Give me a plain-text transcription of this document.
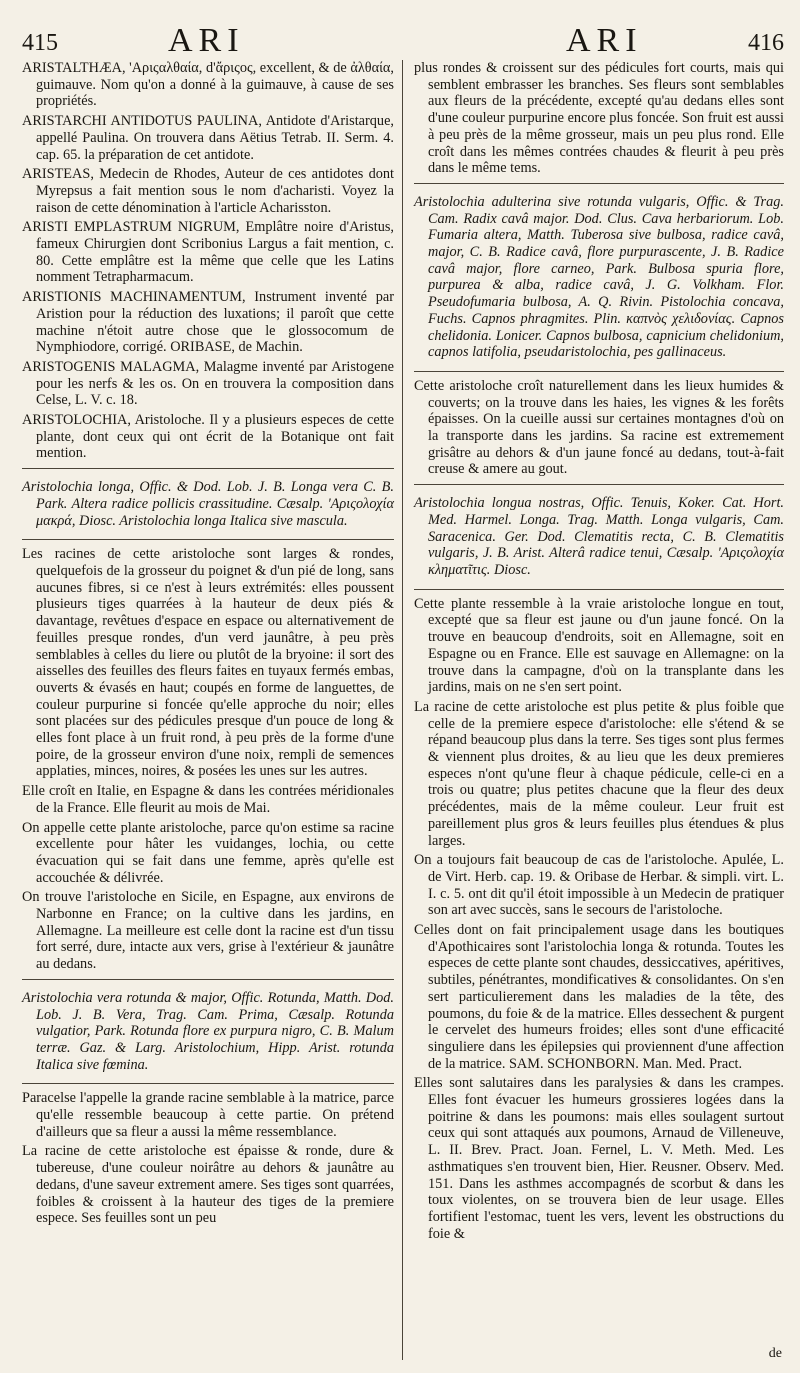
415	ARI	ARI	416

ARISTALTHÆA, 'Αριςαλθαία, d'ἄριςος, excellent, & de ἀλθαία, guimauve. Nom qu'on a donné à la guimauve, à cause de ses propriétés.

ARISTARCHI ANTIDOTUS PAULINA, Antidote d'Aristarque, appellé Paulina. On trouvera dans Aëtius Tetrab. II. Serm. 4. cap. 65. la préparation de cet antidote.

ARISTEAS, Medecin de Rhodes, Auteur de ces antidotes dont Myrepsus a fait mention sous le nom d'acharisti. Voyez la raison de cette dénomination à l'article Acharisston.

ARISTI EMPLASTRUM NIGRUM, Emplâtre noire d'Aristus, fameux Chirurgien dont Scribonius Largus a fait mention, c. 80. Cette emplâtre est la même que celle que les Latins nomment Tetrapharmacum.

ARISTIONIS MACHINAMENTUM, Instrument inventé par Aristion pour la réduction des luxations; il paroît que cette machine n'étoit autre chose que le glossocomum de Nymphiodore, corrigé. ORIBASE, de Machin.

ARISTOGENIS MALAGMA, Malagme inventé par Aristogene pour les nerfs & les os. On en trouvera la composition dans Celse, L. V. c. 18.

ARISTOLOCHIA, Aristoloche. Il y a plusieurs especes de cette plante, dont ceux qui ont écrit de la Botanique ont fait mention.

Aristolochia longa, Offic. & Dod. Lob. J. B. Longa vera C. B. Park. Altera radice pollicis crassitudine. Cæsalp. 'Αριςολοχία μακρά, Diosc. Aristolochia longa Italica sive mascula.

Les racines de cette aristoloche sont larges & rondes, quelquefois de la grosseur du poignet & d'un pié de long, sans aucunes fibres, si ce n'est à leurs extrémités: elles poussent plusieurs tiges quarrées à la hauteur de deux piés & davantage, revêtues d'espace en espace ou alternativement de feuilles presque rondes, d'un verd jaunâtre, à peu près semblables à celles du liere ou plutôt de la bryoine: il sort des aisselles des feuilles des fleurs faites en tuyaux fermés embas, ouverts & évasés en haut; coupés en forme de languettes, de couleur purpurine si foncée qu'elle approche du noir; elles sont placées sur des pédicules presque d'un pouce de long & elles font place à un fruit rond, à peu près de la forme d'une poire, de la grosseur environ d'une noix, rempli de semences applaties, minces, noires, & posées les unes sur les autres.

Elle croît en Italie, en Espagne & dans les contrées méridionales de la France. Elle fleurit au mois de Mai.

On appelle cette plante aristoloche, parce qu'on estime sa racine excellente pour hâter les vuidanges, lochia, ou cette évacuation qui se fait dans une femme, après qu'elle est accouchée & délivrée.

On trouve l'aristoloche en Sicile, en Espagne, aux environs de Narbonne en France; on la cultive dans les jardins, en Allemagne. La meilleure est celle dont la racine est d'un tissu fort serré, dure, intacte aux vers, grise à l'extérieur & jaunâtre au dedans.

Aristolochia vera rotunda & major, Offic. Rotunda, Matth. Dod. Lob. J. B. Vera, Trag. Cam. Prima, Cæsalp. Rotunda vulgatior, Park. Rotunda flore ex purpura nigro, C. B. Malum terræ. Gaz. & Larg. Aristolochium, Hipp. Arist. rotunda Italica sive fœmina.

Paracelse l'appelle la grande racine semblable à la matrice, parce qu'elle ressemble beaucoup à cette partie. On prétend d'ailleurs que sa fleur a aussi la même ressemblance.

La racine de cette aristoloche est épaisse & ronde, dure & tubereuse, d'une couleur noirâtre au dehors & jaunâtre au dedans, d'une saveur extrement amere. Ses tiges sont quarrées, foibles & croissent à la hauteur des tiges de la premiere espece. Ses feuilles sont un peu

plus rondes & croissent sur des pédicules fort courts, mais qui semblent embrasser les branches. Ses fleurs sont semblables aux fleurs de la précédente, excepté qu'au dedans elles sont d'une couleur purpurine encore plus foncée. Son fruit est aussi à peu près de la même grosseur, mais un peu plus rond. Elle croît dans les mêmes contrées chaudes & fleurit à peu près dans le même tems.

Aristolochia adulterina sive rotunda vulgaris, Offic. & Trag. Cam. Radix cavâ major. Dod. Clus. Cava herbariorum. Lob. Fumaria altera, Matth. Tuberosa sive bulbosa, radice cavâ, major, C. B. Radice cavâ, flore purpurascente, J. B. Radice cavâ major, flore carneo, Park. Bulbosa spuria flore, purpurea & alba, radice cavâ, J. G. Volkham. Flor. Pseudofumaria bulbosa, A. Q. Rivin. Pistolochia concava, Fuchs. Capnos phragmites. Plin. καπνὸς χελιδονίας. Capnos chelidonia. Lonicer. Capnos bulbosa, capnicium chelidonium, capnos latifolia, pseudaristolochia, pes gallinaceus.

Cette aristoloche croît naturellement dans les lieux humides & couverts; on la trouve dans les haies, les vignes & les forêts épaisses. On la cueille aussi sur certaines montagnes d'où on la transporte dans les jardins. Sa racine est extremement grisâtre au dehors & d'un jaune foncé au dedans, tout-à-fait creuse & amere au gout.

Aristolochia longua nostras, Offic. Tenuis, Koker. Cat. Hort. Med. Harmel. Longa. Trag. Matth. Longa vulgaris, Cam. Saracenica. Ger. Dod. Clematitis recta, C. B. Clematitis vulgaris, J. B. Arist. Alterâ radice tenui, Cæsalp. 'Αριςολοχία κληματῖτις. Diosc.

Cette plante ressemble à la vraie aristoloche longue en tout, excepté que sa fleur est jaune ou d'un jaune foncé. On la trouve en beaucoup d'endroits, soit en Allemagne, soit en Espagne ou en France. Elle est sauvage en Allemagne: on la trouve dans la campagne, d'où on la transplante dans les jardins, mais on ne s'en sert point.

La racine de cette aristoloche est plus petite & plus foible que celle de la premiere espece d'aristoloche: elle s'étend & se répand beaucoup plus dans la terre. Ses tiges sont plus fermes & viennent plus droites, & au lieu que les deux premieres especes n'ont qu'une fleur à chaque pédicule, celle-ci en a trois ou quatre; plus petites chacune que la fleur des deux précédentes, mais de la même couleur. Leur fruit est pareillement plus gros & leurs feuilles plus étendues & plus larges.

On a toujours fait beaucoup de cas de l'aristoloche. Apulée, L. de Virt. Herb. cap. 19. & Oribase de Herbar. & simpli. virt. L. I. c. 5. ont dit qu'il étoit impossible à un Medecin de pratiquer son art avec succès, sans le secours de l'aristoloche.

Celles dont on fait principalement usage dans les boutiques d'Apothicaires sont l'aristolochia longa & rotunda. Toutes les especes de cette plante sont chaudes, dessiccatives, apéritives, subtiles, pénétrantes, mondificatives & consolidantes. On s'en sert particulierement dans les maladies de la tête, des poumons, du foie & de la matrice. Elles dessechent & purgent le cervelet des humeurs froides; elles sont d'une efficacité singuliere dans les épilepsies qui proviennent d'une affection de la matrice. SAM. SCHONBORN. Man. Med. Pract.

Elles sont salutaires dans les paralysies & dans les crampes. Elles font évacuer les humeurs grossieres logées dans la poitrine & dans les poumons: mais elles soulagent surtout ceux qui sont attaqués aux poumons, Arnaud de Villeneuve, L. II. Brev. Pract. Joan. Fernel, L. V. Meth. Med. Les asthmatiques s'en trouvent bien, Hier. Reusner. Observ. Med. 151. Dans les asthmes accompagnés de scorbut & dans les toux violentes, on se trouvera bien de leur usage. Elles fortifient l'estomac, tuent les vers, levent les obstructions du foie &

de
